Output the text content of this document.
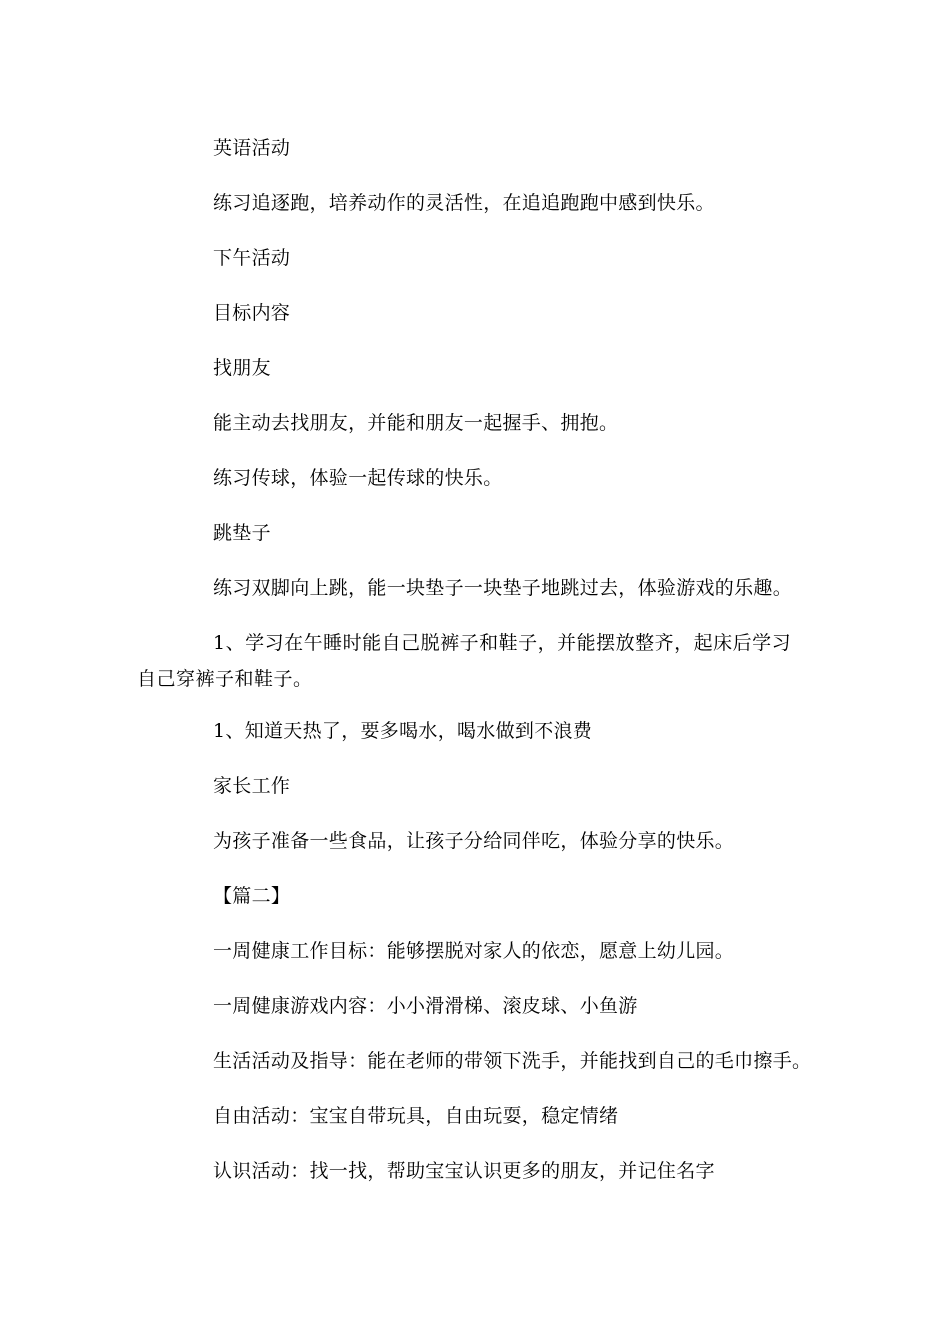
英语活动

练习追逐跑，培养动作的灵活性，在追追跑跑中感到快乐。

下午活动

目标内容

找朋友

能主动去找朋友，并能和朋友一起握手、拥抱。

练习传球，体验一起传球的快乐。

跳垫子

练习双脚向上跳，能一块垫子一块垫子地跳过去，体验游戏的乐趣。

1、学习在午睡时能自己脱裤子和鞋子，并能摆放整齐，起床后学习自己穿裤子和鞋子。

1、知道天热了，要多喝水，喝水做到不浪费

家长工作

为孩子准备一些食品，让孩子分给同伴吃，体验分享的快乐。

【篇二】

一周健康工作目标：能够摆脱对家人的依恋，愿意上幼儿园。

一周健康游戏内容：小小滑滑梯、滚皮球、小鱼游

生活活动及指导：能在老师的带领下洗手，并能找到自己的毛巾擦手。

自由活动：宝宝自带玩具，自由玩耍，稳定情绪

认识活动：找一找，帮助宝宝认识更多的朋友，并记住名字
